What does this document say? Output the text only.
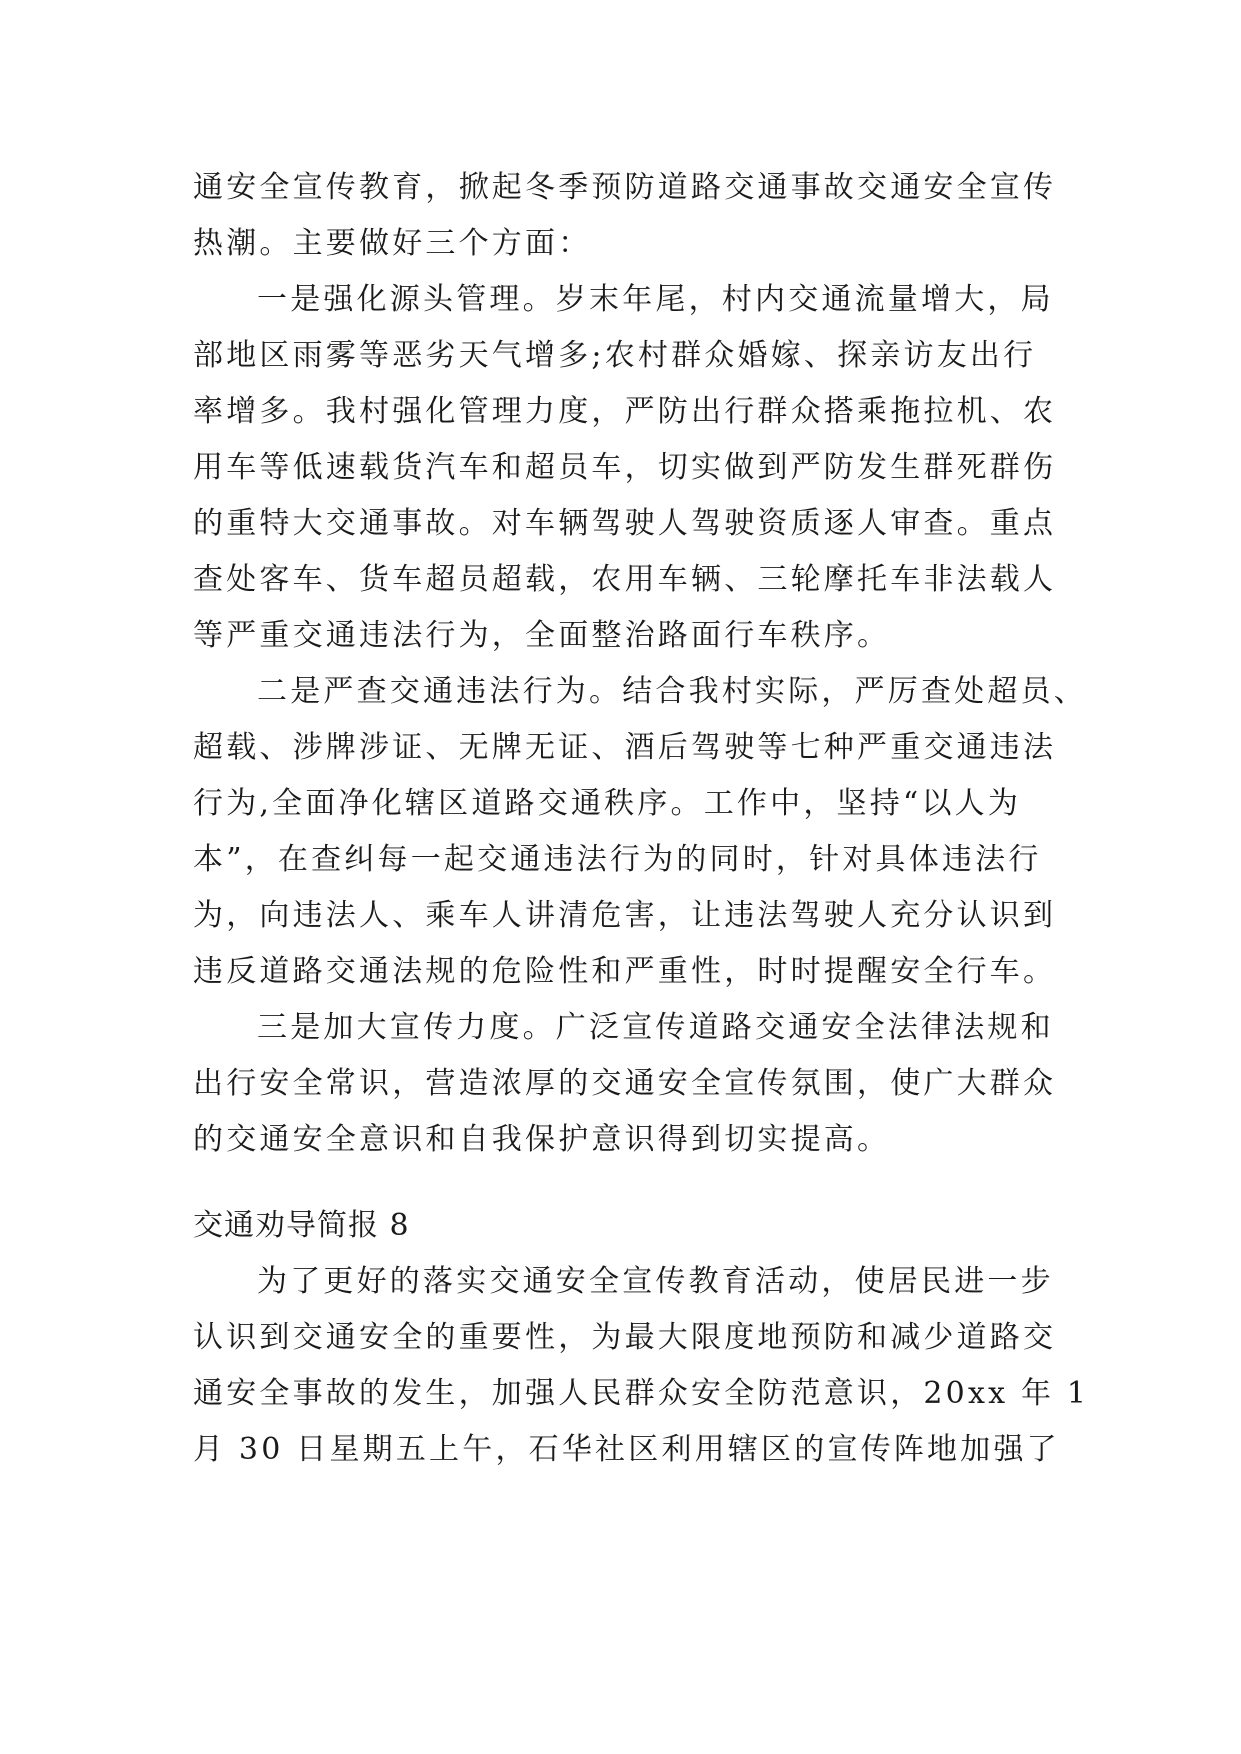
通安全宣传教育，掀起冬季预防道路交通事故交通安全宣传
热潮。主要做好三个方面：
一是强化源头管理。岁末年尾，村内交通流量增大，局
部地区雨雾等恶劣天气增多;农村群众婚嫁、探亲访友出行
率增多。我村强化管理力度，严防出行群众搭乘拖拉机、农
用车等低速载货汽车和超员车，切实做到严防发生群死群伤
的重特大交通事故。对车辆驾驶人驾驶资质逐人审查。重点
查处客车、货车超员超载，农用车辆、三轮摩托车非法载人
等严重交通违法行为，全面整治路面行车秩序。
二是严查交通违法行为。结合我村实际，严厉查处超员、
超载、涉牌涉证、无牌无证、酒后驾驶等七种严重交通违法
行为,全面净化辖区道路交通秩序。工作中，坚持“以人为
本”，在查纠每一起交通违法行为的同时，针对具体违法行
为，向违法人、乘车人讲清危害，让违法驾驶人充分认识到
违反道路交通法规的危险性和严重性，时时提醒安全行车。
三是加大宣传力度。广泛宣传道路交通安全法律法规和
出行安全常识，营造浓厚的交通安全宣传氛围，使广大群众
的交通安全意识和自我保护意识得到切实提高。
交通劝导简报 8
为了更好的落实交通安全宣传教育活动，使居民进一步
认识到交通安全的重要性，为最大限度地预防和减少道路交
通安全事故的发生，加强人民群众安全防范意识，20xx 年 1
月 30 日星期五上午，石华社区利用辖区的宣传阵地加强了
